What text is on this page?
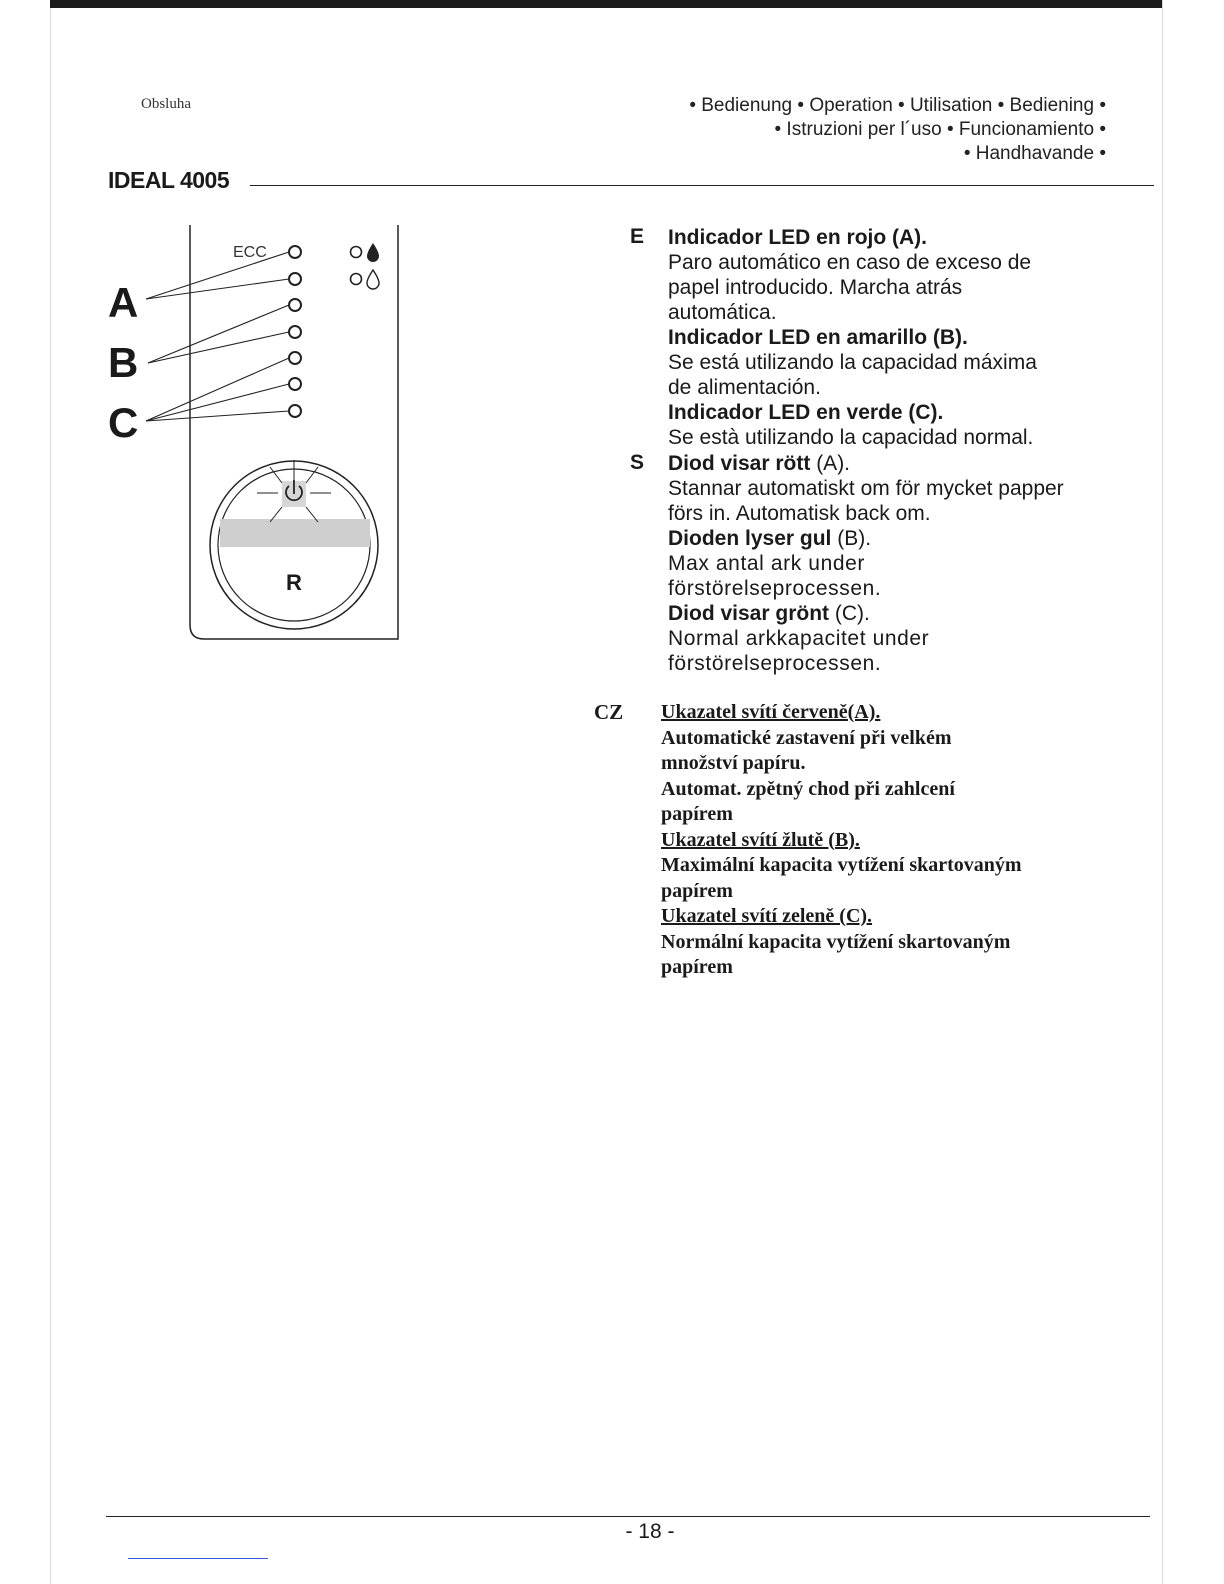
Obsluha	• Bedienung • Operation • Utilisation • Bediening •
• Istruzioni per l´uso • Funcionamiento •
• Handhavande •
IDEAL 4005
ECC
A
B
C
R
E Indicador LED en rojo (A).
Paro automático en caso de exceso de
papel introducido. Marcha atrás
automática.
Indicador LED en amarillo (B).
Se está utilizando la capacidad máxima
de alimentación.
Indicador LED en verde (C).
Se està utilizando la capacidad normal.
S Diod visar rött (A).
Stannar automatiskt om för mycket papper
förs in. Automatisk back om.
Dioden lyser gul (B).
Max antal ark under
förstörelseprocessen.
Diod visar grönt (C).
Normal arkkapacitet under
förstörelseprocessen.
CZ Ukazatel svítí červeně(A).
Automatické zastavení při velkém
množství papíru.
Automat. zpětný chod při zahlcení
papírem
Ukazatel svítí žlutě (B).
Maximální kapacita vytížení skartovaným
papírem
Ukazatel svítí zeleně (C).
Normální kapacita vytížení skartovaným
papírem
- 18 -
